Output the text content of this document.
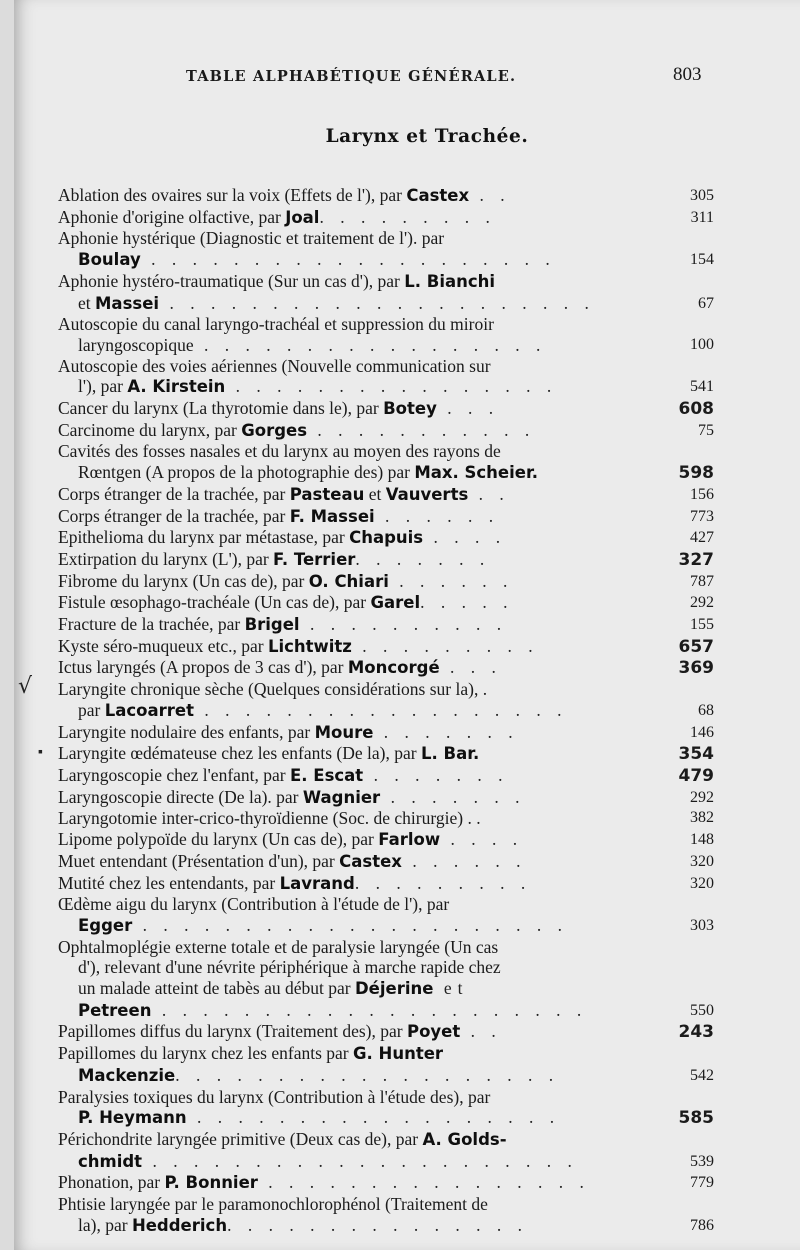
TABLE ALPHABÉTIQUE GÉNÉRALE.	803
Larynx et Trachée.
Ablation des ovaires sur la voix (Effets de l'), par Castex . .	305
Aphonie d'origine olfactive, par Joal. . . . . . . . .	311
Aphonie hystérique (Diagnostic et traitement de l'). par
Boulay . . . . . . . . . . . . . . . . . . . .	154
Aphonie hystéro-traumatique (Sur un cas d'), par L. Bianchi
et Massei . . . . . . . . . . . . . . . . . . . . .	67
Autoscopie du canal laryngo-trachéal et suppression du miroir
laryngoscopique . . . . . . . . . . . . . . . . .	100
Autoscopie des voies aériennes (Nouvelle communication sur
l'), par A. Kirstein . . . . . . . . . . . . . . . .	541
Cancer du larynx (La thyrotomie dans le), par Botey . . .	608
Carcinome du larynx, par Gorges . . . . . . . . . . .	75
Cavités des fosses nasales et du larynx au moyen des rayons de
Rœntgen (A propos de la photographie des) par Max. Scheier.	598
Corps étranger de la trachée, par Pasteau et Vauverts . .	156
Corps étranger de la trachée, par F. Massei . . . . . .	773
Epithelioma du larynx par métastase, par Chapuis . . . .	427
Extirpation du larynx (L'), par F. Terrier. . . . . . .	327
Fibrome du larynx (Un cas de), par O. Chiari . . . . . .	787
Fistule œsophago-trachéale (Un cas de), par Garel. . . . .	292
Fracture de la trachée, par Brigel . . . . . . . . . .	155
Kyste séro-muqueux etc., par Lichtwitz . . . . . . . . .	657
Ictus laryngés (A propos de 3 cas d'), par Moncorgé . . .	369
√ Laryngite chronique sèche (Quelques considérations sur la), .
par Lacoarret . . . . . . . . . . . . . . . . . .	68
Laryngite nodulaire des enfants, par Moure . . . . . . .	146
▪ Laryngite œdémateuse chez les enfants (De la), par L. Bar.	354
Laryngoscopie chez l'enfant, par E. Escat . . . . . . .	479
Laryngoscopie directe (De la). par Wagnier . . . . . . .	292
Laryngotomie inter-crico-thyroïdienne (Soc. de chirurgie) . .	382
Lipome polypoïde du larynx (Un cas de), par Farlow . . . .	148
Muet entendant (Présentation d'un), par Castex . . . . . .	320
Mutité chez les entendants, par Lavrand. . . . . . . . .	320
Œdème aigu du larynx (Contribution à l'étude de l'), par
Egger . . . . . . . . . . . . . . . . . . . . .	303
Ophtalmoplégie externe totale et de paralysie laryngée (Un cas
d'), relevant d'une névrite périphérique à marche rapide chez
un malade atteint de tabès au début par Déjerine et
Petreen . . . . . . . . . . . . . . . . . . . . .	550
Papillomes diffus du larynx (Traitement des), par Poyet . .	243
Papillomes du larynx chez les enfants par G. Hunter
Mackenzie. . . . . . . . . . . . . . . . . . .	542
Paralysies toxiques du larynx (Contribution à l'étude des), par
P. Heymann . . . . . . . . . . . . . . . . . .	585
Périchondrite laryngée primitive (Deux cas de), par A. Golds-
chmidt . . . . . . . . . . . . . . . . . . . . .	539
Phonation, par P. Bonnier . . . . . . . . . . . . . . . .	779
Phtisie laryngée par le paramonochlorophénol (Traitement de
la), par Hedderich. . . . . . . . . . . . . . .	786
